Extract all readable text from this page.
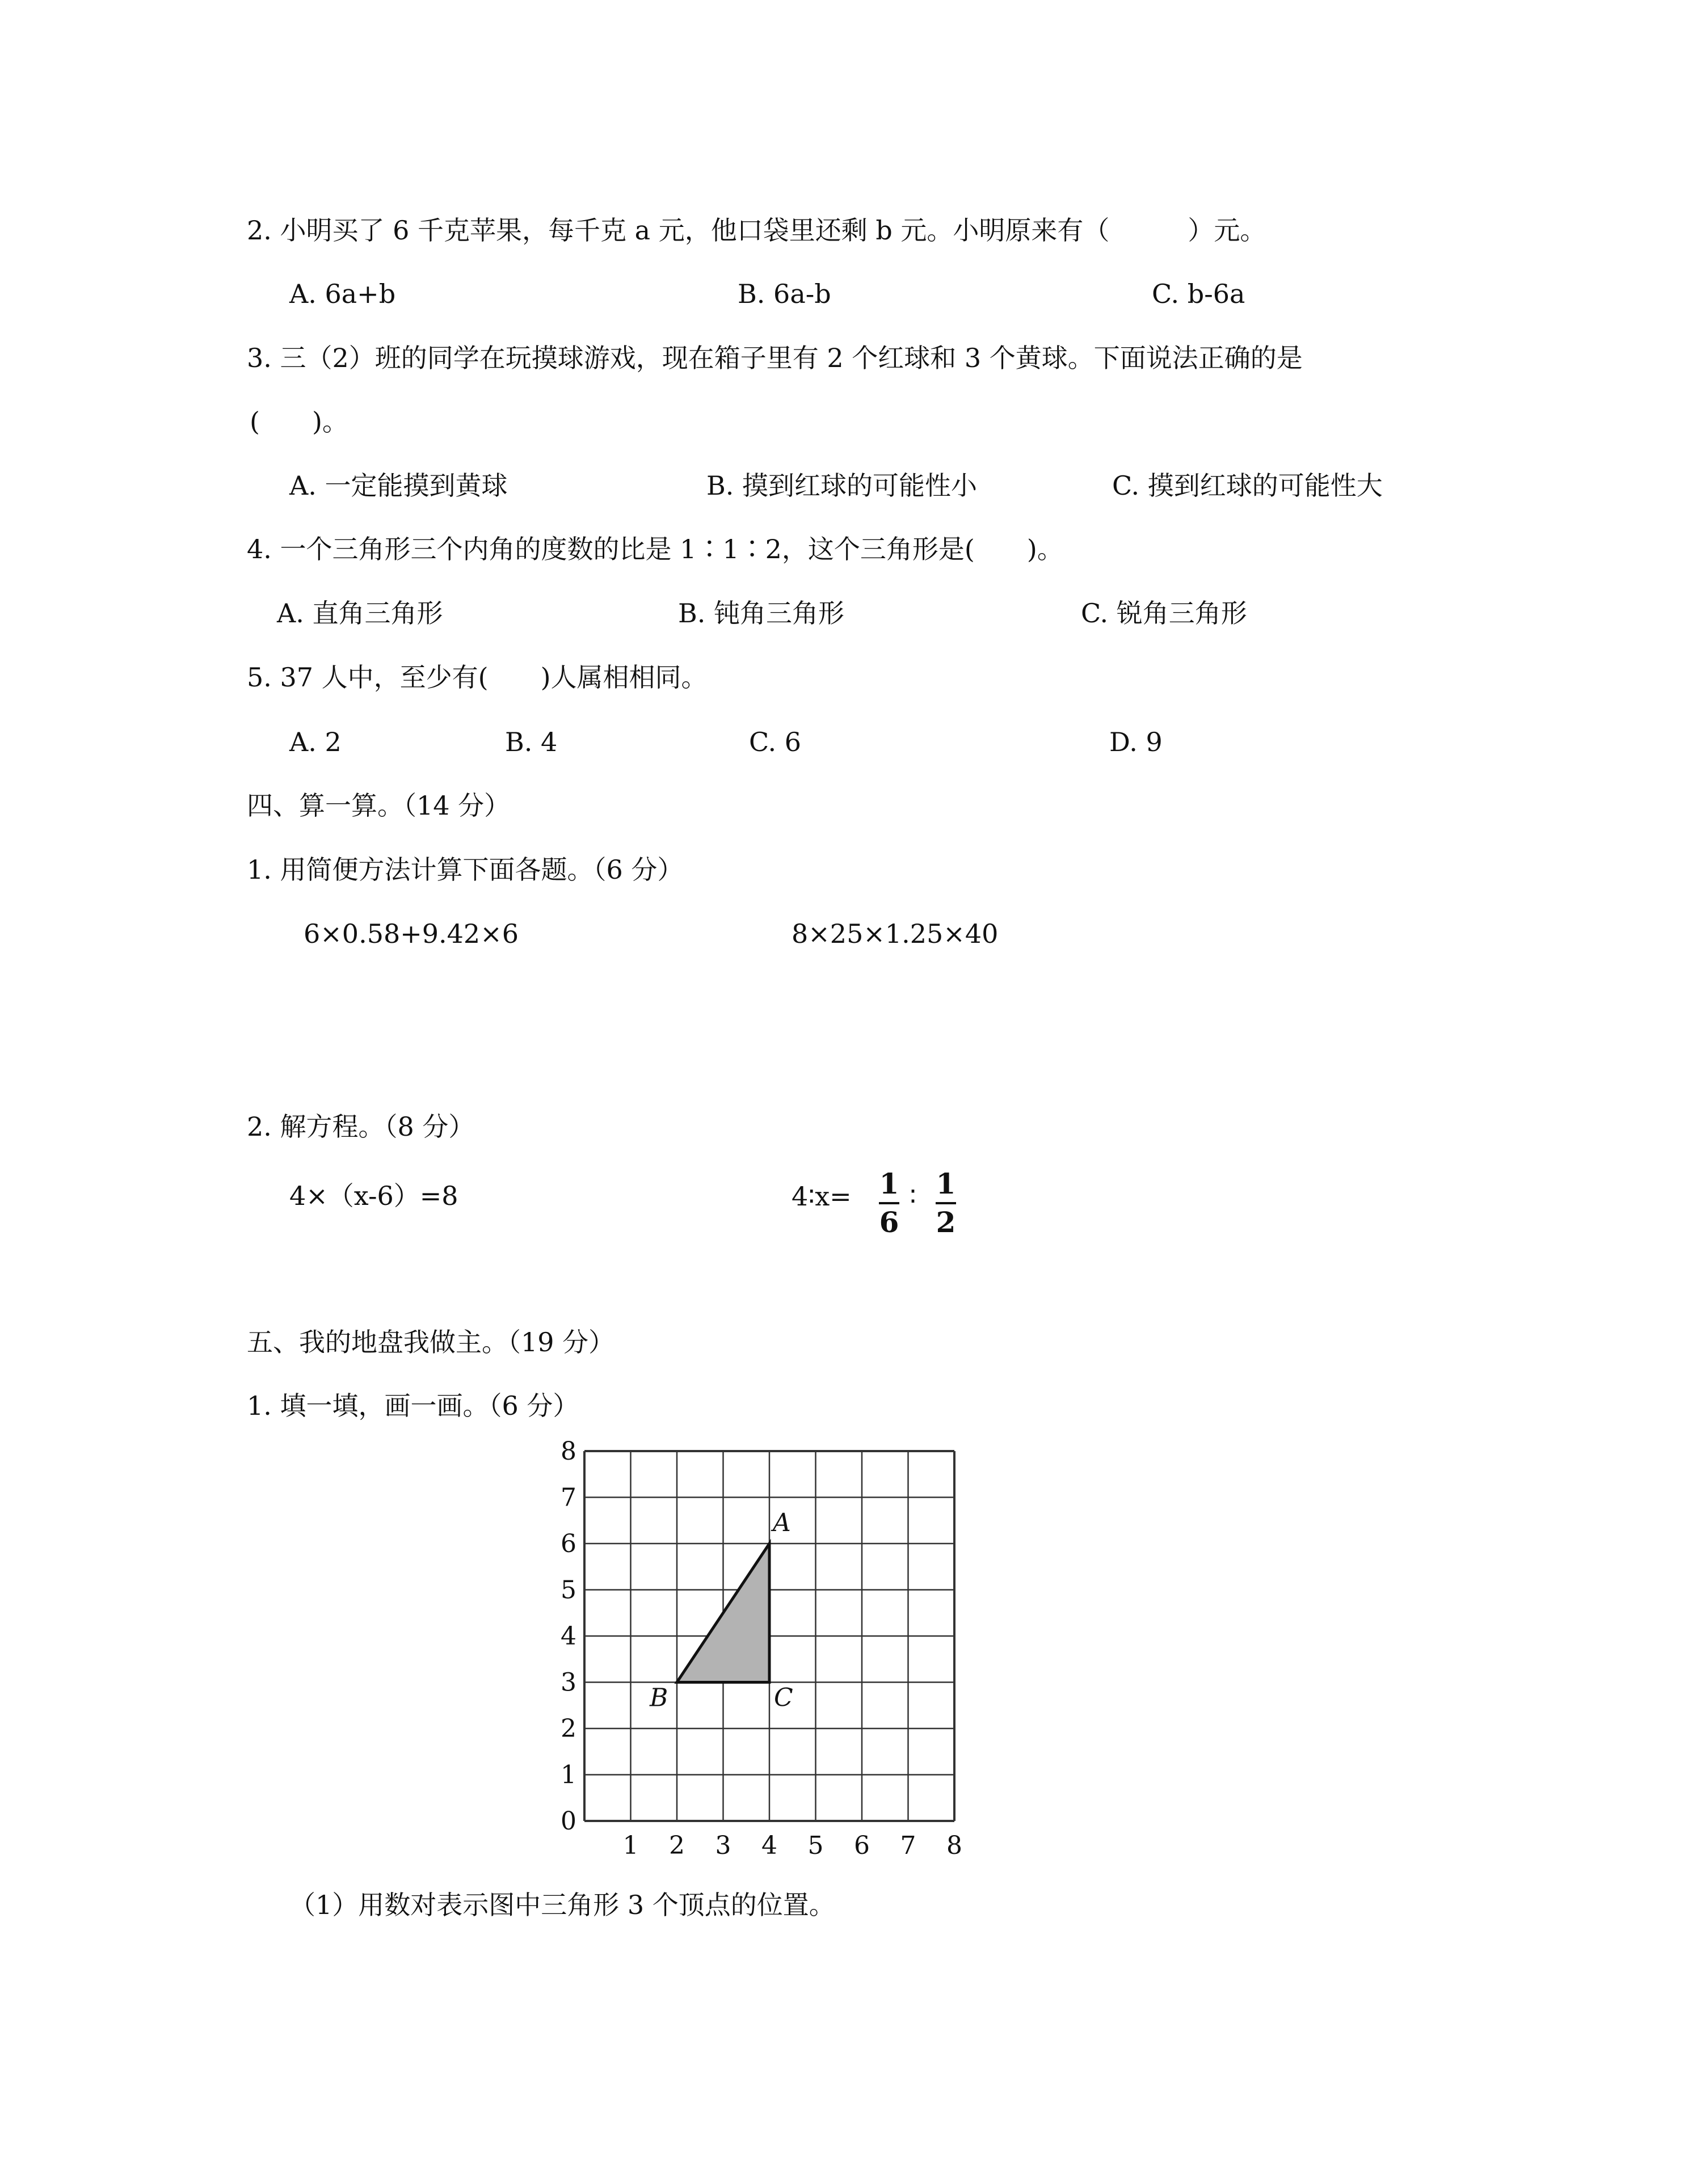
2. 小明买了 6 千克苹果，每千克 a 元，他口袋里还剩 b 元。小明原来有（　　　）元。
A. 6a+b	B. 6a-b	C. b-6a
3. 三（2）班的同学在玩摸球游戏，现在箱子里有 2 个红球和 3 个黄球。下面说法正确的是
(　　)。
A. 一定能摸到黄球	B. 摸到红球的可能性小	C. 摸到红球的可能性大
4. 一个三角形三个内角的度数的比是 1∶1∶2，这个三角形是(　　)。
A. 直角三角形	B. 钝角三角形	C. 锐角三角形
5. 37 人中，至少有(　　)人属相相同。
A. 2	B. 4	C. 6	D. 9
四、算一算。（14 分）
1. 用简便方法计算下面各题。（6 分）
6×0.58+9.42×6	8×25×1.25×40
2. 解方程。（8 分）
4×（x-6）=8	4∶x= 1
6
∶ 1
2
五、我的地盘我做主。（19 分）
1. 填一填，画一画。（6 分）
1 2 3 4 5 6 7 8
0
1
2
3
4
5
6
7
8
A
B	C
（1）用数对表示图中三角形 3 个顶点的位置。
